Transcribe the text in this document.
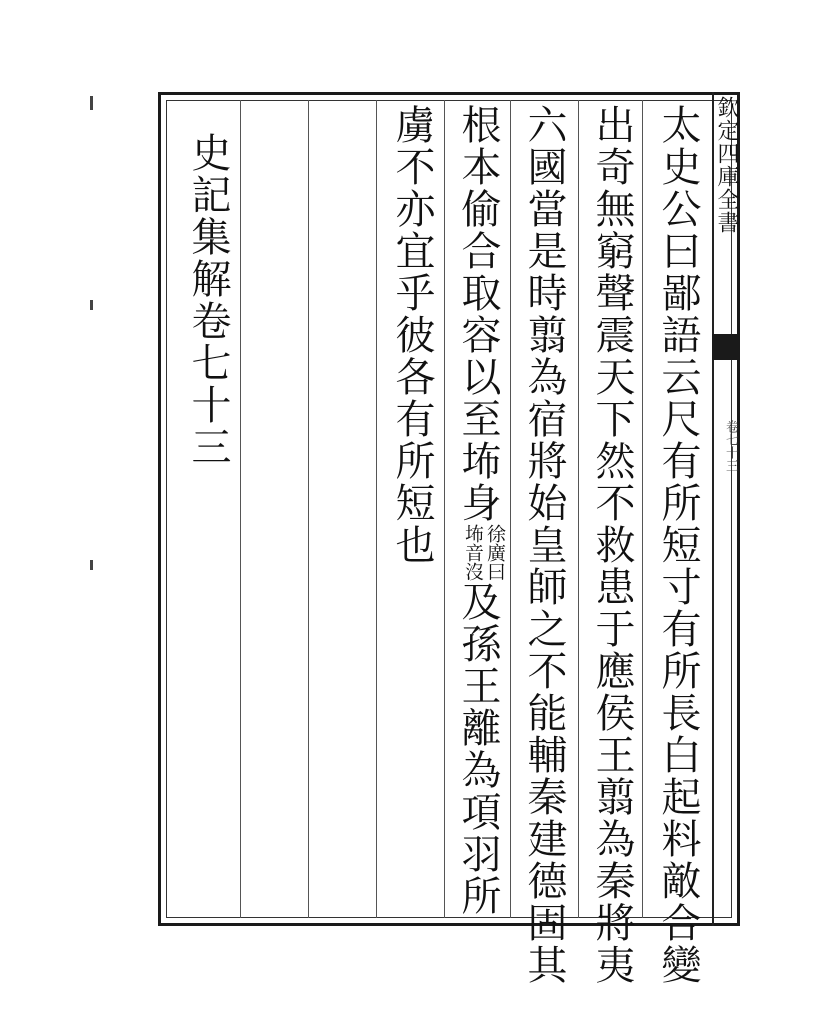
欽定四庫全書
卷七十三
太史公曰鄙語云尺有所短寸有所長白起料敵合變
出奇無窮聲震天下然不救患于應侯王翦為秦將夷
六國當是時翦為宿將始皇師之不能輔秦建德固其
根本偷合取容以至㘵身
徐廣曰
㘵音沒
及孫王離為項羽所
虜不亦宜乎彼各有所短也
史記集解卷七十三
